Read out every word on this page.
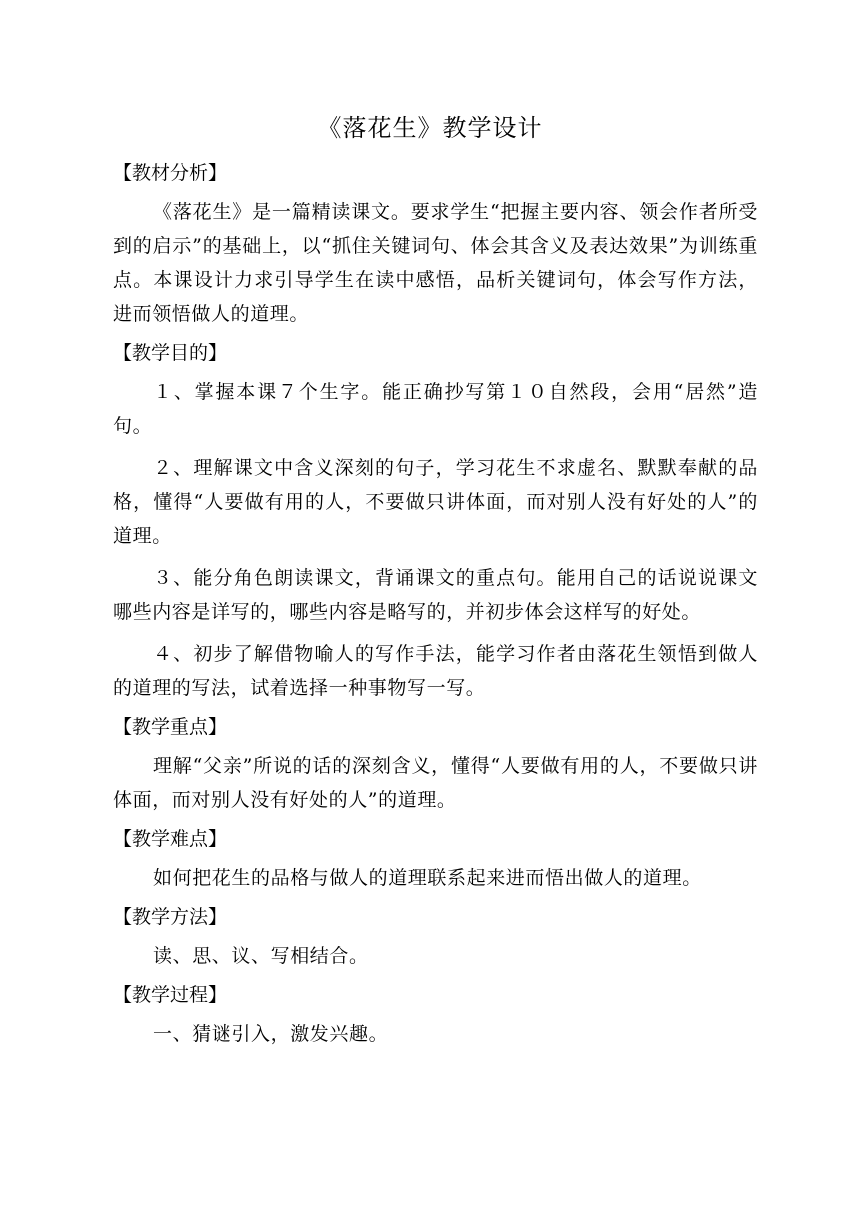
《落花生》教学设计
【教材分析】

《落花生》是一篇精读课文。要求学生“把握主要内容、领会作者所受到的启示”的基础上，以“抓住关键词句、体会其含义及表达效果”为训练重点。本课设计力求引导学生在读中感悟，品析关键词句，体会写作方法，进而领悟做人的道理。

【教学目的】

１、掌握本课７个生字。能正确抄写第１０自然段，会用“居然”造句。

２、理解课文中含义深刻的句子，学习花生不求虚名、默默奉献的品格，懂得“人要做有用的人，不要做只讲体面，而对别人没有好处的人”的道理。

３、能分角色朗读课文，背诵课文的重点句。能用自己的话说说课文哪些内容是详写的，哪些内容是略写的，并初步体会这样写的好处。

４、初步了解借物喻人的写作手法，能学习作者由落花生领悟到做人的道理的写法，试着选择一种事物写一写。

【教学重点】

理解“父亲”所说的话的深刻含义，懂得“人要做有用的人，不要做只讲体面，而对别人没有好处的人”的道理。

【教学难点】

如何把花生的品格与做人的道理联系起来进而悟出做人的道理。

【教学方法】

读、思、议、写相结合。

【教学过程】

一、猜谜引入，激发兴趣。
